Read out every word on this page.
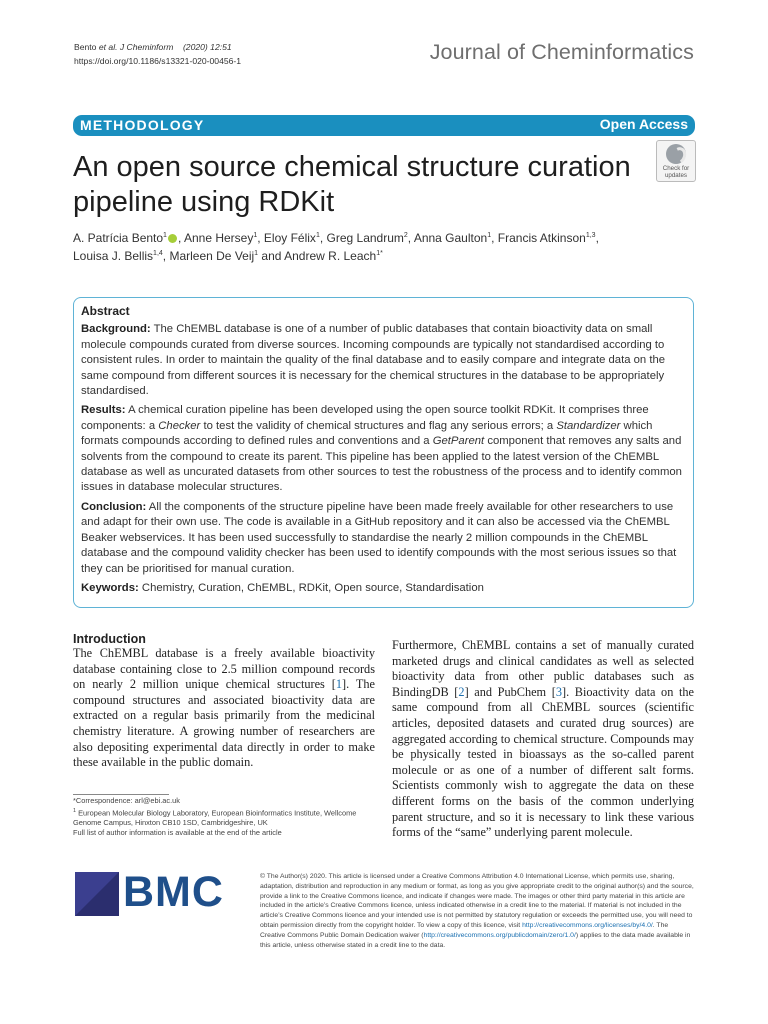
Bento et al. J Cheminform (2020) 12:51
https://doi.org/10.1186/s13321-020-00456-1	Journal of Cheminformatics
METHODOLOGY	Open Access
An open source chemical structure curation pipeline using RDKit
Check for
updates
A. Patrícia Bento$^1$ , Anne Hersey$^1$, Eloy Félix$^1$, Greg Landrum$^2$, Anna Gaulton$^1$, Francis Atkinson$^{1,3}$,
Louisa J. Bellis$^{1,4}$, Marleen De Veij$^1$ and Andrew R. Leach$^{1*}$
Abstract

Background: The ChEMBL database is one of a number of public databases that contain bioactivity data on small molecule compounds curated from diverse sources. Incoming compounds are typically not standardised according to consistent rules. In order to maintain the quality of the final database and to easily compare and integrate data on the same compound from different sources it is necessary for the chemical structures in the database to be appropriately standardised.

Results: A chemical curation pipeline has been developed using the open source toolkit RDKit. It comprises three components: a Checker to test the validity of chemical structures and flag any serious errors; a Standardizer which formats compounds according to defined rules and conventions and a GetParent component that removes any salts and solvents from the compound to create its parent. This pipeline has been applied to the latest version of the ChEMBL database as well as uncurated datasets from other sources to test the robustness of the process and to identify common issues in database molecular structures.

Conclusion: All the components of the structure pipeline have been made freely available for other researchers to use and adapt for their own use. The code is available in a GitHub repository and it can also be accessed via the ChEMBL Beaker webservices. It has been used successfully to standardise the nearly 2 million compounds in the ChEMBL database and the compound validity checker has been used to identify compounds with the most serious issues so that they can be prioritised for manual curation.

Keywords: Chemistry, Curation, ChEMBL, RDKit, Open source, Standardisation

Introduction
The ChEMBL database is a freely available bioactivity database containing close to 2.5 million compound records on nearly 2 million unique chemical structures [1]. The compound structures and associated bioactivity data are extracted on a regular basis primarily from the medicinal chemistry literature. A growing number of researchers are also depositing experimental data directly in order to make these available in the public domain.
Furthermore, ChEMBL contains a set of manually curated marketed drugs and clinical candidates as well as selected bioactivity data from other public databases such as BindingDB [2] and PubChem [3]. Bioactivity data on the same compound from all ChEMBL sources (scientific articles, deposited datasets and curated drug sources) are aggregated according to chemical structure. Compounds may be physically tested in bioassays as the so-called parent molecule or as one of a number of different salt forms. Scientists commonly wish to aggregate the data on these different forms on the basis of the common underlying parent structure, and so it is necessary to link these various forms of the “same” underlying parent molecule.
*Correspondence: arl@ebi.ac.uk
$^1$ European Molecular Biology Laboratory, European Bioinformatics Institute, Wellcome Genome Campus, Hinxton CB10 1SD, Cambridgeshire, UK
Full list of author information is available at the end of the article
BMC	© The Author(s) 2020. This article is licensed under a Creative Commons Attribution 4.0 International License, which permits use, sharing, adaptation, distribution and reproduction in any medium or format, as long as you give appropriate credit to the original author(s) and the source, provide a link to the Creative Commons licence, and indicate if changes were made. The images or other third party material in this article are included in the article’s Creative Commons licence, unless indicated otherwise in a credit line to the material. If material is not included in the article’s Creative Commons licence and your intended use is not permitted by statutory regulation or exceeds the permitted use, you will need to obtain permission directly from the copyright holder. To view a copy of this licence, visit http://creativecommons.org/licenses/by/4.0/. The Creative Commons Public Domain Dedication waiver (http://creativecommons.org/publicdomain/zero/1.0/) applies to the data made available in this article, unless otherwise stated in a credit line to the data.
